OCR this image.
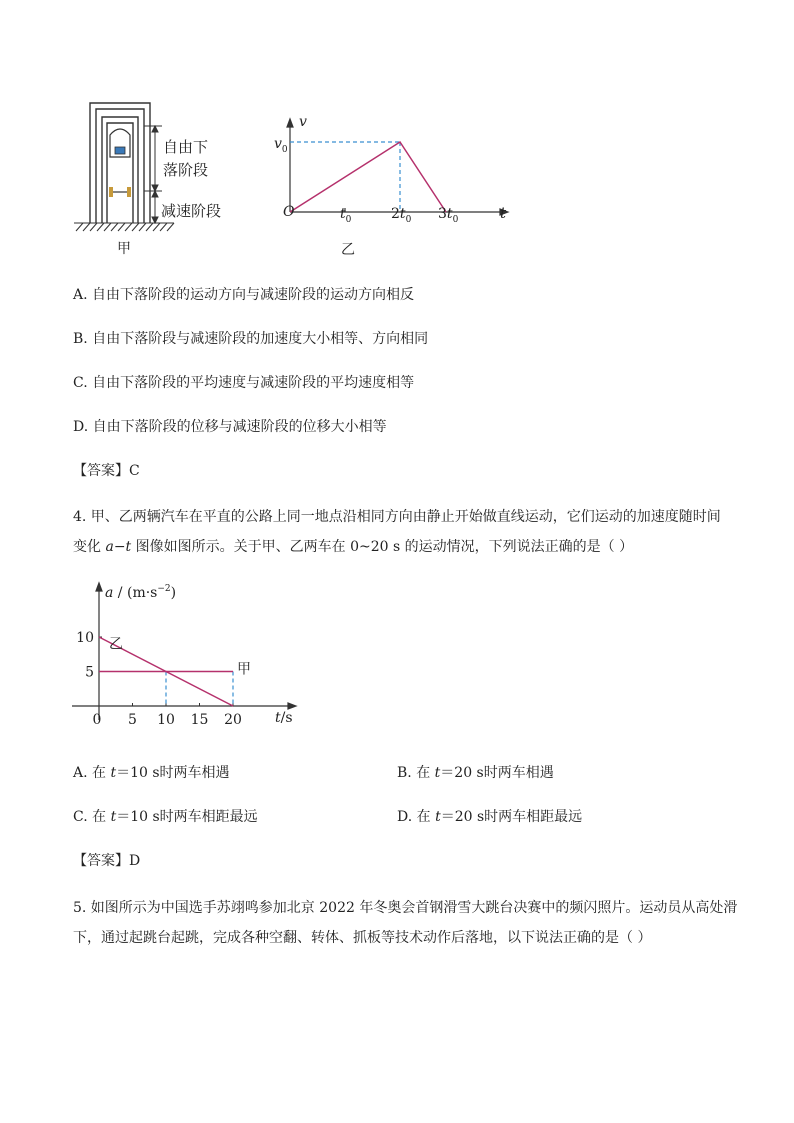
自由下
落阶段
减速阶段
甲
v
$v_0$
O	t
$t_0$	$2t_0$ $3t_0$
乙
A. 自由下落阶段的运动方向与减速阶段的运动方向相反
B. 自由下落阶段与减速阶段的加速度大小相等、方向相同
C. 自由下落阶段的平均速度与减速阶段的平均速度相等
D. 自由下落阶段的位移与减速阶段的位移大小相等
【答案】C
4. 甲、乙两辆汽车在平直的公路上同一地点沿相同方向由静止开始做直线运动，它们运动的加速度随时间
变化 a−t 图像如图所示。关于甲、乙两车在 0~20 s 的运动情况，下列说法正确的是（ ）
0 5 10 15 20
10
5	甲
乙
$a / (m\cdot s^{-2})$
t/s
A. 在 t＝10 s时两车相遇	B. 在 t＝20 s时两车相遇
C. 在 t＝10 s时两车相距最远	D. 在 t＝20 s时两车相距最远
【答案】D
5. 如图所示为中国选手苏翊鸣参加北京 2022 年冬奥会首钢滑雪大跳台决赛中的频闪照片。运动员从高处滑
下，通过起跳台起跳，完成各种空翻、转体、抓板等技术动作后落地，以下说法正确的是（ ）
